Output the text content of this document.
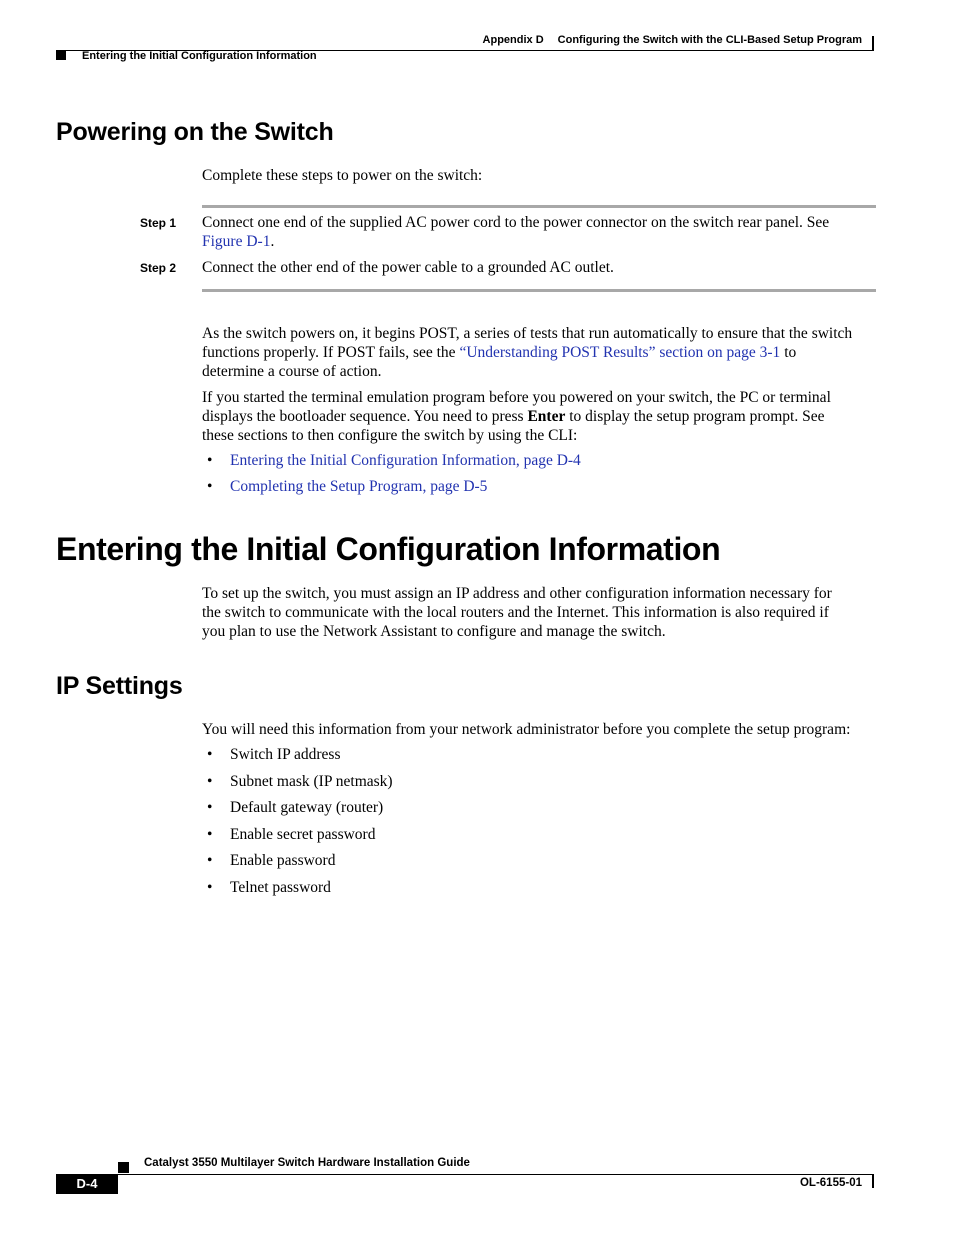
Appendix D Configuring the Switch with the CLI-Based Setup Program
Entering the Initial Configuration Information
Powering on the Switch
Complete these steps to power on the switch:
Step 1 Connect one end of the supplied AC power cord to the power connector on the switch rear panel. See
Figure D-1.
Step 2 Connect the other end of the power cable to a grounded AC outlet.
As the switch powers on, it begins POST, a series of tests that run automatically to ensure that the switch
functions properly. If POST fails, see the “Understanding POST Results” section on page 3-1 to
determine a course of action.
If you started the terminal emulation program before you powered on your switch, the PC or terminal
displays the bootloader sequence. You need to press Enter to display the setup program prompt. See
these sections to then configure the switch by using the CLI:
• Entering the Initial Configuration Information, page D-4
• Completing the Setup Program, page D-5
Entering the Initial Configuration Information
To set up the switch, you must assign an IP address and other configuration information necessary for
the switch to communicate with the local routers and the Internet. This information is also required if
you plan to use the Network Assistant to configure and manage the switch.
IP Settings
You will need this information from your network administrator before you complete the setup program:
• Switch IP address
• Subnet mask (IP netmask)
• Default gateway (router)
• Enable secret password
• Enable password
• Telnet password
Catalyst 3550 Multilayer Switch Hardware Installation Guide
D-4	OL-6155-01
